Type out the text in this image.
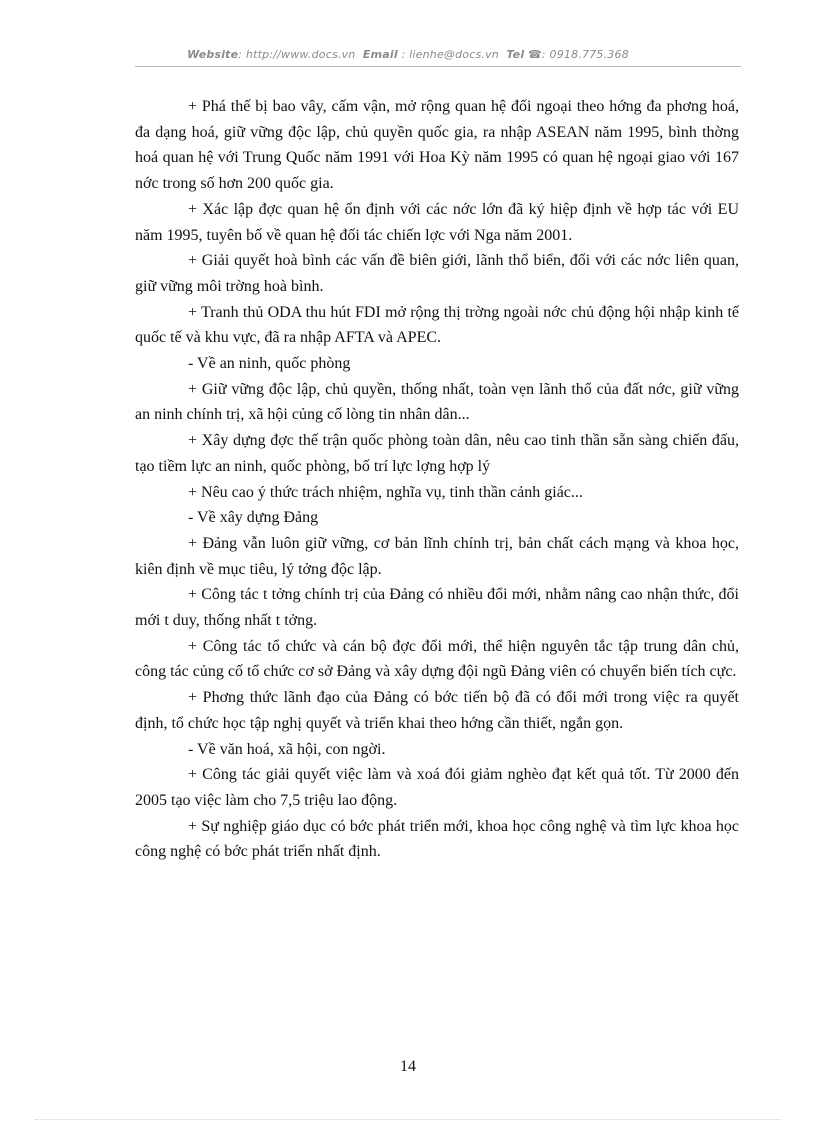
Website: http://www.docs.vn Email : lienhe@docs.vn Tel ☎: 0918.775.368

+ Phá thế bị bao vây, cấm vận, mở rộng quan hệ đối ngoại theo hớng đa phơng hoá, đa dạng hoá, giữ vững độc lập, chủ quyền quốc gia, ra nhập ASEAN năm 1995, bình thờng hoá quan hệ với Trung Quốc năm 1991 với Hoa Kỳ năm 1995 có quan hệ ngoại giao với 167 nớc trong số hơn 200 quốc gia.

+ Xác lập đợc quan hệ ổn định với các nớc lớn đã ký hiệp định về hợp tác với EU năm 1995, tuyên bố về quan hệ đối tác chiến lợc với Nga năm 2001.

+ Giải quyết hoà bình các vấn đề biên giới, lãnh thổ biển, đối với các nớc liên quan, giữ vững môi trờng hoà bình.

+ Tranh thủ ODA thu hút FDI mở rộng thị trờng ngoài nớc chủ động hội nhập kinh tế quốc tế và khu vực, đã ra nhập AFTA và APEC.

- Về an ninh, quốc phòng

+ Giữ vững độc lập, chủ quyền, thống nhất, toàn vẹn lãnh thổ của đất nớc, giữ vững an ninh chính trị, xã hội củng cố lòng tin nhân dân...

+ Xây dựng đợc thế trận quốc phòng toàn dân, nêu cao tinh thần sẵn sàng chiến đấu, tạo tiềm lực an ninh, quốc phòng, bố trí lực lợng hợp lý

+ Nêu cao ý thức trách nhiệm, nghĩa vụ, tinh thần cảnh giác...

- Về xây dựng Đảng

+ Đảng vẫn luôn giữ vững, cơ bản lĩnh chính trị, bản chất cách mạng và khoa học, kiên định về mục tiêu, lý tởng độc lập.

+ Công tác t tởng chính trị của Đảng có nhiều đổi mới, nhằm nâng cao nhận thức, đổi mới t duy, thống nhất t tởng.

+ Công tác tổ chức và cán bộ đợc đổi mới, thể hiện nguyên tắc tập trung dân chủ, công tác củng cố tổ chức cơ sở Đảng và xây dựng đội ngũ Đảng viên có chuyển biến tích cực.

+ Phơng thức lãnh đạo của Đảng có bớc tiến bộ đã có đổi mới trong việc ra quyết định, tổ chức học tập nghị quyết và triển khai theo hớng cần thiết, ngắn gọn.

- Về văn hoá, xã hội, con ngời.

+ Công tác giải quyết việc làm và xoá đói giảm nghèo đạt kết quả tốt. Từ 2000 đến 2005 tạo việc làm cho 7,5 triệu lao động.

+ Sự nghiệp giáo dục có bớc phát triển mới, khoa học công nghệ và tìm lực khoa học công nghệ có bớc phát triển nhất định.

14
